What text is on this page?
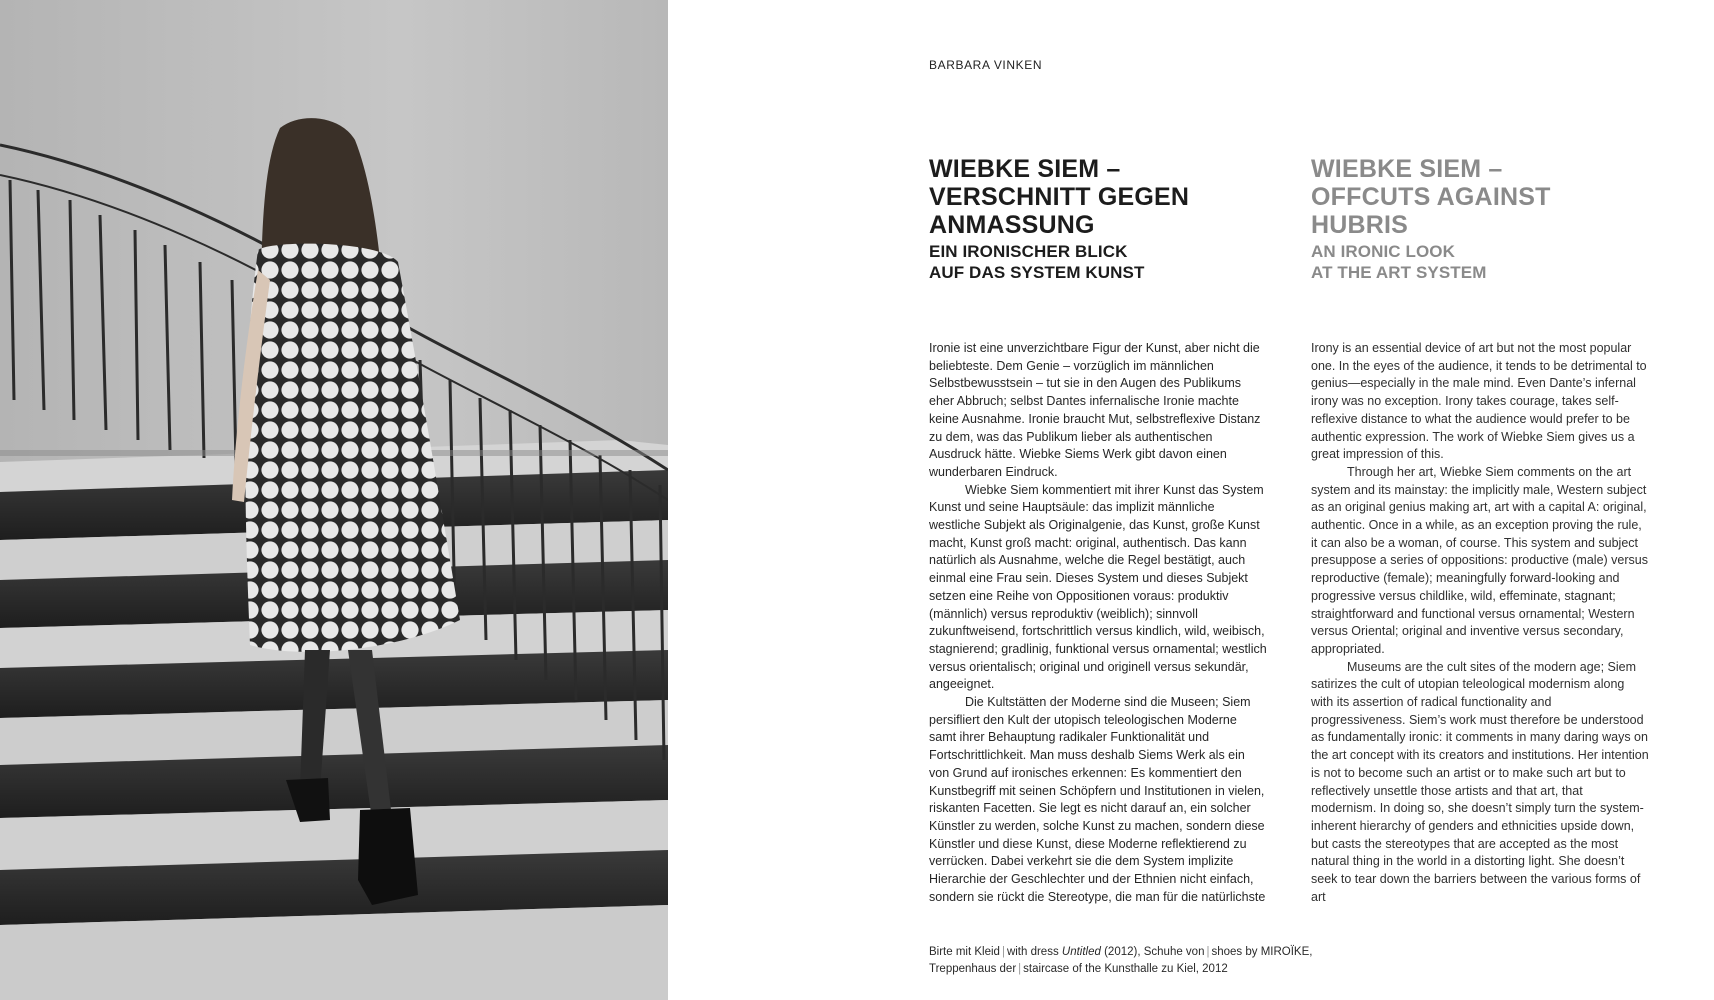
BARBARA VINKEN
WIEBKE SIEM –
VERSCHNITT GEGEN
ANMASSUNG
EIN IRONISCHER BLICK
AUF DAS SYSTEM KUNST
WIEBKE SIEM –
OFFCUTS AGAINST
HUBRIS
AN IRONIC LOOK
AT THE ART SYSTEM

Ironie ist eine unverzichtbare Figur der Kunst, aber nicht die beliebteste. Dem Genie – vorzüglich im männlichen Selbstbewusstsein – tut sie in den Augen des Publikums eher Abbruch; selbst Dantes infernalische Ironie machte keine Ausnahme. Ironie braucht Mut, selbstreflexive Distanz zu dem, was das Publikum lieber als authentischen Ausdruck hätte. Wiebke Siems Werk gibt davon einen wunderbaren Eindruck.

Wiebke Siem kommentiert mit ihrer Kunst das System Kunst und seine Hauptsäule: das implizit männliche westliche Subjekt als Originalgenie, das Kunst, große Kunst macht, Kunst groß macht: original, authentisch. Das kann natürlich als Ausnahme, welche die Regel bestätigt, auch einmal eine Frau sein. Dieses System und dieses Subjekt setzen eine Reihe von Oppositionen voraus: produktiv (männlich) versus reproduktiv (weiblich); sinnvoll zukunftweisend, fortschrittlich versus kindlich, wild, weibisch, stagnierend; gradlinig, funktional versus ornamental; westlich versus orientalisch; original und originell versus sekundär, angeeignet.

Die Kultstätten der Moderne sind die Museen; Siem persifliert den Kult der utopisch teleologischen Moderne samt ihrer Behauptung radikaler Funktionalität und Fortschrittlichkeit. Man muss deshalb Siems Werk als ein von Grund auf ironisches erkennen: Es kommentiert den Kunstbegriff mit seinen Schöpfern und Institutionen in vielen, riskanten Facetten. Sie legt es nicht darauf an, ein solcher Künstler zu werden, solche Kunst zu machen, sondern diese Künstler und diese Kunst, diese Moderne reflektierend zu verrücken. Dabei verkehrt sie die dem System implizite Hierarchie der Geschlechter und der Ethnien nicht einfach, sondern sie rückt die Stereotype, die man für die natürlichste

Irony is an essential device of art but not the most popular one. In the eyes of the audience, it tends to be detrimental to genius—especially in the male mind. Even Dante’s infernal irony was no exception. Irony takes courage, takes self-reflexive distance to what the audience would prefer to be authentic expression. The work of Wiebke Siem gives us a great impression of this.

Through her art, Wiebke Siem comments on the art system and its mainstay: the implicitly male, Western subject as an original genius making art, art with a capital A: original, authentic. Once in a while, as an exception proving the rule, it can also be a woman, of course. This system and subject presuppose a series of oppositions: productive (male) versus reproductive (female); meaningfully forward-looking and progressive versus childlike, wild, effeminate, stagnant; straightforward and functional versus ornamental; Western versus Oriental; original and inventive versus secondary, appropriated.

Museums are the cult sites of the modern age; Siem satirizes the cult of utopian teleological modernism along with its assertion of radical functionality and progressiveness. Siem’s work must therefore be understood as fundamentally ironic: it comments in many daring ways on the art concept with its creators and institutions. Her intention is not to become such an artist or to make such art but to reflectively unsettle those artists and that art, that modernism. In doing so, she doesn’t simply turn the system-inherent hierarchy of genders and ethnicities upside down, but casts the stereotypes that are accepted as the most natural thing in the world in a distorting light. She doesn’t seek to tear down the barriers between the various forms of art

Birte mit Kleid | with dress Untitled (2012), Schuhe von | shoes by MIROÏKE,
Treppenhaus der | staircase of the Kunsthalle zu Kiel, 2012
